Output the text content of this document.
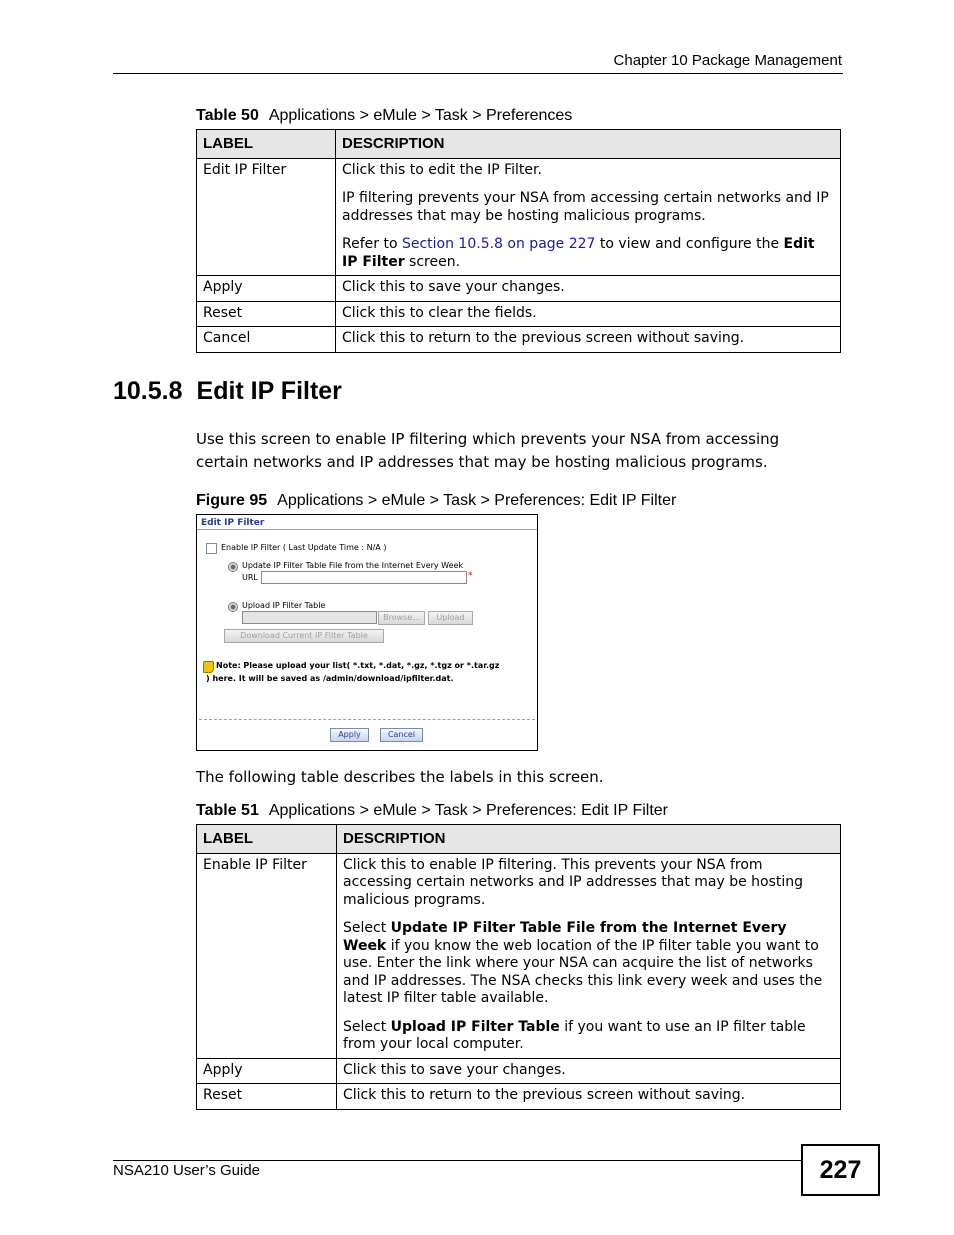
Chapter 10 Package Management
Table 50 Applications > eMule > Task > Preferences
LABEL	DESCRIPTION
Edit IP Filter	Click this to edit the IP Filter.

IP filtering prevents your NSA from accessing certain networks and IP addresses that may be hosting malicious programs.

Refer to Section 10.5.8 on page 227 to view and configure the Edit IP Filter screen.

Apply	Click this to save your changes.
Reset	Click this to clear the fields.
Cancel	Click this to return to the previous screen without saving.
10.5.8 Edit IP Filter
Use this screen to enable IP filtering which prevents your NSA from accessing certain networks and IP addresses that may be hosting malicious programs.
Figure 95 Applications > eMule > Task > Preferences: Edit IP Filter
Edit IP Filter
Enable IP Filter ( Last Update Time : N/A )
Update IP Filter Table File from the Internet Every Week
URL	*
Upload IP Filter Table
Browse...	Upload
Download Current IP Filter Table
Note: Please upload your list( *.txt, *.dat, *.gz, *.tgz or *.tar.gz
) here. It will be saved as /admin/download/ipfilter.dat.
Apply	Cancel
The following table describes the labels in this screen.
Table 51 Applications > eMule > Task > Preferences: Edit IP Filter
LABEL	DESCRIPTION
Enable IP Filter	Click this to enable IP filtering. This prevents your NSA from accessing certain networks and IP addresses that may be hosting malicious programs.

Select Update IP Filter Table File from the Internet Every Week if you know the web location of the IP filter table you want to use. Enter the link where your NSA can acquire the list of networks and IP addresses. The NSA checks this link every week and uses the latest IP filter table available.

Select Upload IP Filter Table if you want to use an IP filter table from your local computer.

Apply	Click this to save your changes.
Reset	Click this to return to the previous screen without saving.
NSA210 User’s Guide	227
